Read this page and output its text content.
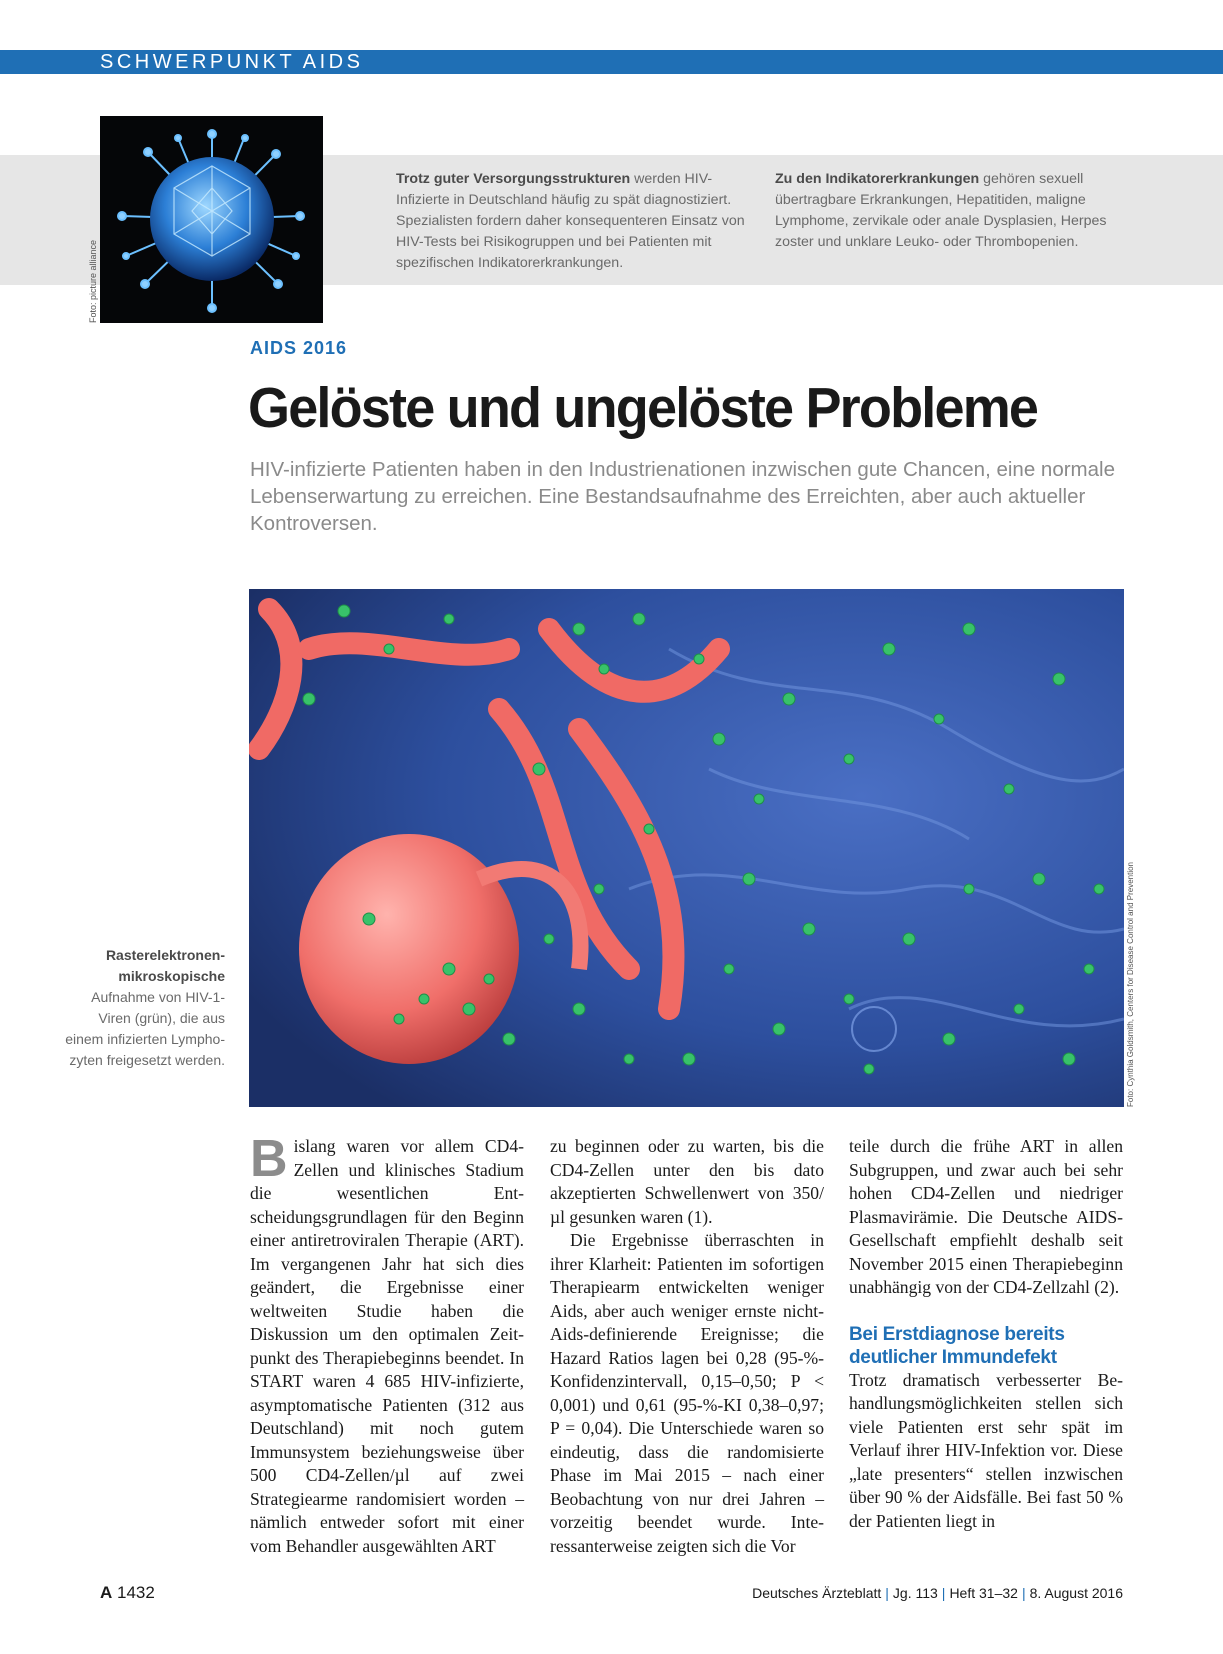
SCHWERPUNKT AIDS
Trotz guter Versorgungsstrukturen werden HIV-Infizierte in Deutschland häufig zu spät diagnostiziert. Spezialisten fordern daher konsequenteren Einsatz von HIV-Tests bei Risikogruppen und bei Patienten mit spezifischen Indikatorerkrankungen.
Zu den Indikatorerkrankungen gehören sexuell übertragbare Erkrankungen, Hepatitiden, maligne Lymphome, zervikale oder anale Dysplasien, Herpes zoster und unklare Leuko- oder Thrombopenien.
Foto: picture alliance
AIDS 2016
Gelöste und ungelöste Probleme
HIV-infizierte Patienten haben in den Industrienationen inzwischen gute Chancen, eine normale Lebenserwartung zu erreichen. Eine Bestandsaufnahme des Erreichten, aber auch aktueller Kontroversen.
Foto: Cynthia Goldsmith, Centers for Disease Control and Prevention
Rasterelektronenmikroskopische
Aufnahme von HIV-1-Viren (grün), die aus einem infizierten Lymphozyten freigesetzt werden.
B islang waren vor allem CD4-Zellen und klinisches Stadium die wesentlichen Entscheidungsgrundlagen für den Beginn einer antiretroviralen Therapie (ART). Im vergangenen Jahr hat sich dies geändert, die Ergebnisse einer weltweiten Studie haben die Diskussion um den optimalen Zeitpunkt des Therapiebeginns beendet. In START waren 4 685 HIV-infizierte, asymptomatische Patienten (312 aus Deutschland) mit noch gutem Immunsystem beziehungsweise über 500 CD4-Zellen/µl auf zwei Strategiearme randomisiert worden – nämlich entweder sofort mit einer vom Behandler ausgewählten ART

zu beginnen oder zu warten, bis die CD4-Zellen unter den bis dato akzeptierten Schwellenwert von 350/µl gesunken waren (1).

Die Ergebnisse überraschten in ihrer Klarheit: Patienten im sofortigen Therapiearm entwickelten weniger Aids, aber auch weniger ernste nicht-Aids-definierende Ereignisse; die Hazard Ratios lagen bei 0,28 (95-%-Konfidenzintervall, 0,15–0,50; P < 0,001) und 0,61 (95-%-KI 0,38–0,97; P = 0,04). Die Unterschiede waren so eindeutig, dass die randomisierte Phase im Mai 2015 – nach einer Beobachtung von nur drei Jahren – vorzeitig beendet wurde. Interessanterweise zeigten sich die Vor

teile durch die frühe ART in allen Subgruppen, und zwar auch bei sehr hohen CD4-Zellen und niedriger Plasmavirämie. Die Deutsche AIDS-Gesellschaft empfiehlt deshalb seit November 2015 einen Therapiebeginn unabhängig von der CD4-Zellzahl (2).

Bei Erstdiagnose bereits deutlicher Immundefekt

Trotz dramatisch verbesserter Behandlungsmöglichkeiten stellen sich viele Patienten erst sehr spät im Verlauf ihrer HIV-Infektion vor. Diese „late presenters“ stellen inzwischen über 90 % der Aidsfälle. Bei fast 50 % der Patienten liegt in

A 1432	Deutsches Ärzteblatt | Jg. 113 | Heft 31–32 | 8. August 2016
